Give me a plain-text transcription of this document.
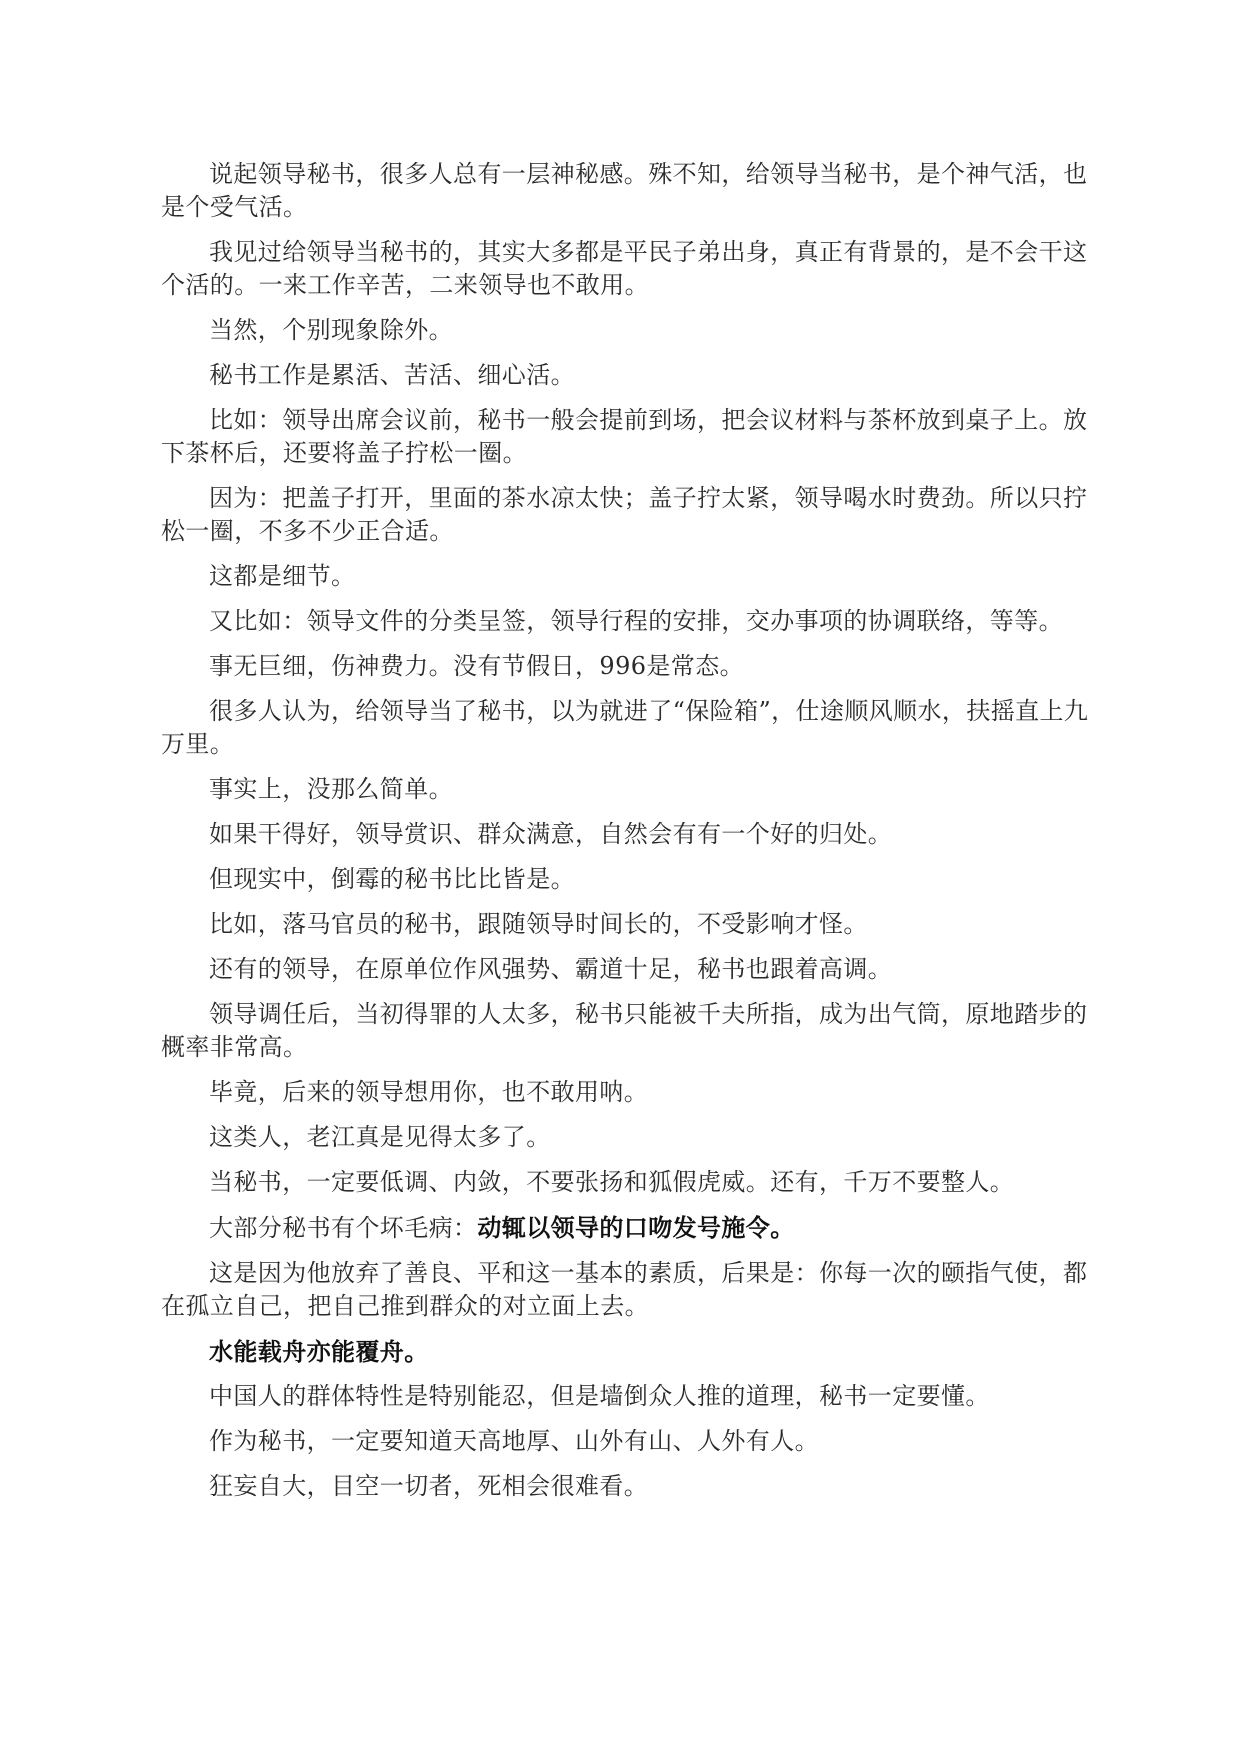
说起领导秘书，很多人总有一层神秘感。殊不知，给领导当秘书，是个神气活，也是个受气活。

我见过给领导当秘书的，其实大多都是平民子弟出身，真正有背景的，是不会干这个活的。一来工作辛苦，二来领导也不敢用。

当然，个别现象除外。

秘书工作是累活、苦活、细心活。

比如：领导出席会议前，秘书一般会提前到场，把会议材料与茶杯放到桌子上。放下茶杯后，还要将盖子拧松一圈。

因为：把盖子打开，里面的茶水凉太快；盖子拧太紧，领导喝水时费劲。所以只拧松一圈，不多不少正合适。

这都是细节。

又比如：领导文件的分类呈签，领导行程的安排，交办事项的协调联络，等等。

事无巨细，伤神费力。没有节假日，996是常态。

很多人认为，给领导当了秘书，以为就进了“保险箱”，仕途顺风顺水，扶摇直上九万里。

事实上，没那么简单。

如果干得好，领导赏识、群众满意，自然会有有一个好的归处。

但现实中，倒霉的秘书比比皆是。

比如，落马官员的秘书，跟随领导时间长的，不受影响才怪。

还有的领导，在原单位作风强势、霸道十足，秘书也跟着高调。

领导调任后，当初得罪的人太多，秘书只能被千夫所指，成为出气筒，原地踏步的概率非常高。

毕竟，后来的领导想用你，也不敢用呐。

这类人，老江真是见得太多了。

当秘书，一定要低调、内敛，不要张扬和狐假虎威。还有，千万不要整人。

大部分秘书有个坏毛病：动辄以领导的口吻发号施令。

这是因为他放弃了善良、平和这一基本的素质，后果是：你每一次的颐指气使，都在孤立自己，把自己推到群众的对立面上去。

水能载舟亦能覆舟。

中国人的群体特性是特别能忍，但是墙倒众人推的道理，秘书一定要懂。

作为秘书，一定要知道天高地厚、山外有山、人外有人。

狂妄自大，目空一切者，死相会很难看。
